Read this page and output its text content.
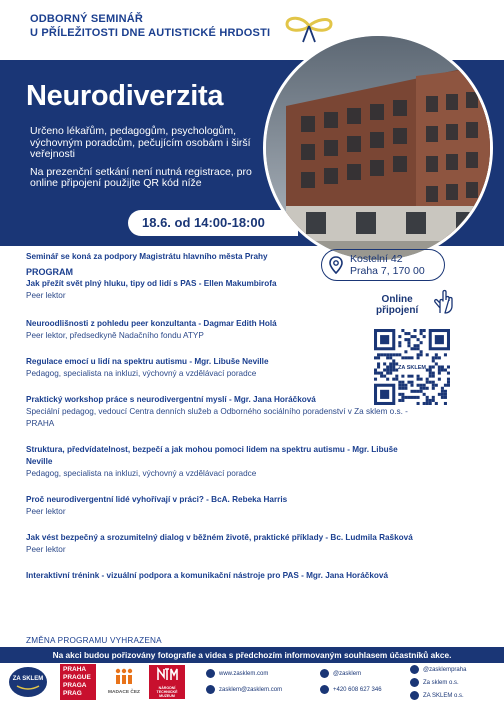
ODBORNÝ SEMINÁŘ
U PŘÍLEŽITOSTI DNE AUTISTICKÉ HRDOSTI
Neurodiverzita

Určeno lékařům, pedagogům, psychologům, výchovným poradcům, pečujícím osobám i širší veřejnosti

Na prezenční setkání není nutná registrace, pro online připojení použijte QR kód níže

18.6. od 14:00-18:00
Kostelní 42
Praha 7, 170 00
Online
připojení
ZA SKLEM
Seminář se koná za podpory Magistrátu hlavního města Prahy
PROGRAM
Jak přežít svět plný hluku, tipy od lidí s PAS - Ellen Makumbirofa
Peer lektor
Neuroodlišnosti z pohledu peer konzultanta - Dagmar Edith Holá
Peer lektor, předsedkyně Nadačního fondu ATYP
Regulace emocí u lidí na spektru autismu - Mgr. Libuše Neville
Pedagog, specialista na inkluzi, výchovný a vzdělávací poradce
Praktický workshop práce s neurodivergentní myslí - Mgr. Jana Horáčková
Speciální pedagog, vedoucí Centra denních služeb a Odborného sociálního poradenství v Za sklem o.s. - PRAHA
Struktura, předvídatelnost, bezpečí a jak mohou pomoci lidem na spektru autismu - Mgr. Libuše Neville
Pedagog, specialista na inkluzi, výchovný a vzdělávací poradce
Proč neurodivergentní lidé vyhořívají v práci? - BcA. Rebeka Harris
Peer lektor
Jak vést bezpečný a srozumitelný dialog v běžném životě, praktické příklady - Bc. Ludmila Rašková
Peer lektor
Interaktivní trénink - vizuální podpora a komunikační nástroje pro PAS - Mgr. Jana Horáčková
ZMĚNA PROGRAMU VYHRAZENA
Na akci budou pořizovány fotografie a videa s předchozím informovaným souhlasem účastníků akce.
ZA SKLEM
PRAHA
PRAGUE
PRAGA
PRAG	MADACE ČEZ
NÁRODNÍ
TECHNICKÉ
MUZEUM
www.zasklem.com
zasklem@zasklem.com
@zasklem
+420 608 627 346
@zasklempraha
Za sklem o.s.
ZA SKLEM o.s.
